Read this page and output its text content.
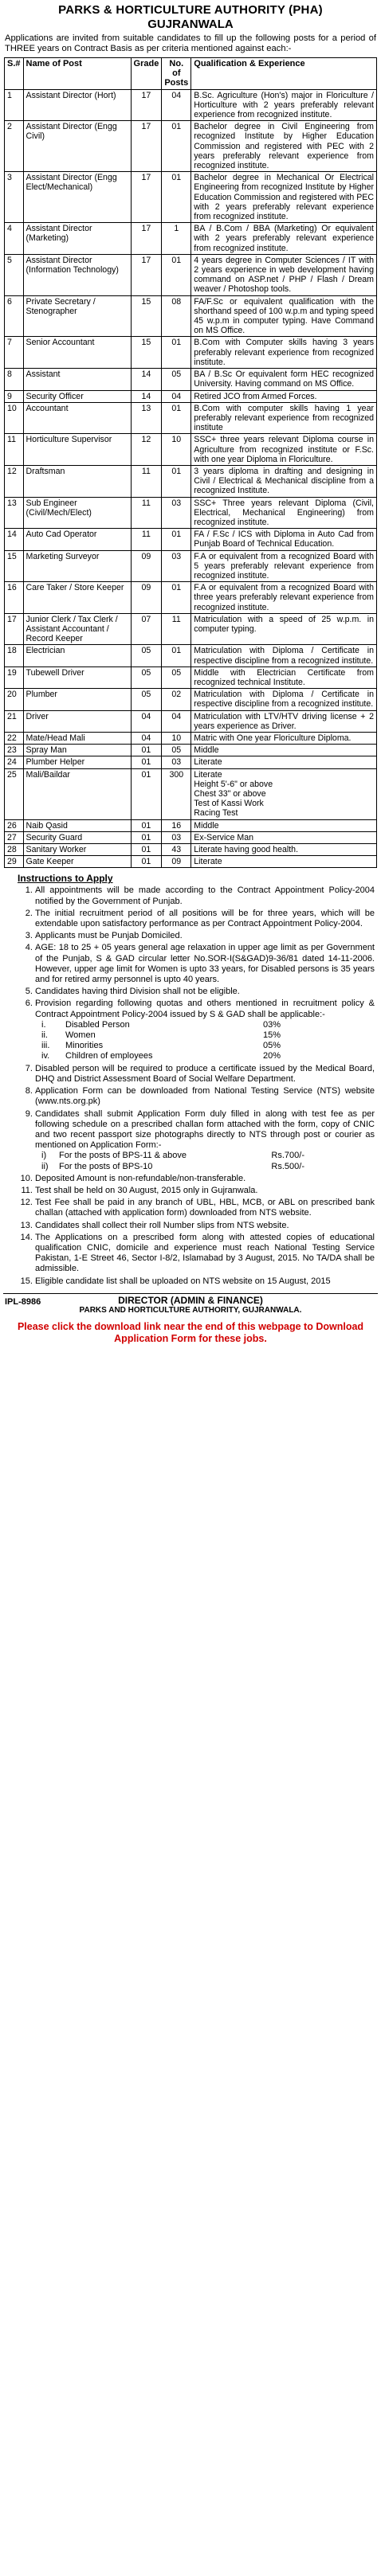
PARKS & HORTICULTURE AUTHORITY (PHA)
GUJRANWALA
Applications are invited from suitable candidates to fill up the following posts for a period of THREE years on Contract Basis as per criteria mentioned against each:-
S.#	Name of Post	Grade	No. of Posts	Qualification & Experience
1	Assistant Director (Hort)	17	04	B.Sc. Agriculture (Hon's) major in Floriculture / Horticulture with 2 years preferably relevant experience from recognized institute.
2	Assistant Director (Engg Civil)	17	01	Bachelor degree in Civil Engineering from recognized Institute by Higher Education Commission and registered with PEC with 2 years preferably relevant experience from recognized institute.
3	Assistant Director (Engg Elect/Mechanical)	17	01	Bachelor degree in Mechanical Or Electrical Engineering from recognized Institute by Higher Education Commission and registered with PEC with 2 years preferably relevant experience from recognized institute.
4	Assistant Director (Marketing)	17	1	BA / B.Com / BBA (Marketing) Or equivalent with 2 years preferably relevant experience from recognized institute.
5	Assistant Director (Information Technology)	17	01	4 years degree in Computer Sciences / IT with 2 years experience in web development having command on ASP.net / PHP / Flash / Dream weaver / Photoshop tools.
6	Private Secretary / Stenographer	15	08	FA/F.Sc or equivalent qualification with the shorthand speed of 100 w.p.m and typing speed 45 w.p.m in computer typing. Have Command on MS Office.
7	Senior Accountant	15	01	B.Com with Computer skills having 3 years preferably relevant experience from recognized institute.
8	Assistant	14	05	BA / B.Sc Or equivalent form HEC recognized University. Having command on MS Office.
9	Security Officer	14	04	Retired JCO from Armed Forces.
10	Accountant	13	01	B.Com with computer skills having 1 year preferably relevant experience from recognized institute
11	Horticulture Supervisor	12	10	SSC+ three years relevant Diploma course in Agriculture from recognized institute or F.Sc. with one year Diploma in Floriculture.
12	Draftsman	11	01	3 years diploma in drafting and designing in Civil / Electrical & Mechanical discipline from a recognized Institute.
13	Sub Engineer (Civil/Mech/Elect)	11	03	SSC+ Three years relevant Diploma (Civil, Electrical, Mechanical Engineering) from recognized institute.
14	Auto Cad Operator	11	01	FA / F.Sc / ICS with Diploma in Auto Cad from Punjab Board of Technical Education.
15	Marketing Surveyor	09	03	F.A or equivalent from a recognized Board with 5 years preferably relevant experience from recognized institute.
16	Care Taker / Store Keeper	09	01	F.A or equivalent from a recognized Board with three years preferably relevant experience from recognized institute.
17	Junior Clerk / Tax Clerk / Assistant Accountant / Record Keeper	07	11	Matriculation with a speed of 25 w.p.m. in computer typing.
18	Electrician	05	01	Matriculation with Diploma / Certificate in respective discipline from a recognized institute.
19	Tubewell Driver	05	05	Middle with Electrician Certificate from recognized technical Institute.
20	Plumber	05	02	Matriculation with Diploma / Certificate in respective discipline from a recognized institute.
21	Driver	04	04	Matriculation with LTV/HTV driving license + 2 years experience as Driver.
22	Mate/Head Mali	04	10	Matric with One year Floriculture Diploma.
23	Spray Man	01	05	Middle
24	Plumber Helper	01	03	Literate
25	Mali/Baildar	01	300	Literate
Height 5'-6" or above
Chest 33" or above
Test of Kassi Work
Racing Test
26	Naib Qasid	01	16	Middle
27	Security Guard	01	03	Ex-Service Man
28	Sanitary Worker	01	43	Literate having good health.
29	Gate Keeper	01	09	Literate
Instructions to Apply
1. All appointments will be made according to the Contract Appointment Policy-2004 notified by the Government of Punjab.
2. The initial recruitment period of all positions will be for three years, which will be extendable upon satisfactory performance as per Contract Appointment Policy-2004.
3. Applicants must be Punjab Domiciled.
4. AGE: 18 to 25 + 05 years general age relaxation in upper age limit as per Government of the Punjab, S & GAD circular letter No.SOR-I(S&GAD)9-36/81 dated 14-11-2006. However, upper age limit for Women is upto 33 years, for Disabled persons is 35 years and for retired army personnel is upto 40 years.
5. Candidates having third Division shall not be eligible.
6. Provision regarding following quotas and others mentioned in recruitment policy & Contract Appointment Policy-2004 issued by S & GAD shall be applicable:-
i. Disabled Person	03%
ii. Women	15%
iii. Minorities	05%
iv. Children of employees	20%
7. Disabled person will be required to produce a certificate issued by the Medical Board, DHQ and District Assessment Board of Social Welfare Department.
8. Application Form can be downloaded from National Testing Service (NTS) website (www.nts.org.pk)
9. Candidates shall submit Application Form duly filled in along with test fee as per following schedule on a prescribed challan form attached with the form, copy of CNIC and two recent passport size photographs directly to NTS through post or courier as mentioned on Application Form:-
i) For the posts of BPS-11 & above	Rs.700/-
ii) For the posts of BPS-10	Rs.500/-
10. Deposited Amount is non-refundable/non-transferable.
11. Test shall be held on 30 August, 2015 only in Gujranwala.
12. Test Fee shall be paid in any branch of UBL, HBL, MCB, or ABL on prescribed bank challan (attached with application form) downloaded from NTS website.
13. Candidates shall collect their roll Number slips from NTS website.
14. The Applications on a prescribed form along with attested copies of educational qualification CNIC, domicile and experience must reach National Testing Service Pakistan, 1-E Street 46, Sector I-8/2, Islamabad by 3 August, 2015. No TA/DA shall be admissible.
15. Eligible candidate list shall be uploaded on NTS website on 15 August, 2015
IPL-8986	DIRECTOR (ADMIN & FINANCE)
PARKS AND HORTICULTURE AUTHORITY, GUJRANWALA.
Please click the download link near the end of this webpage to Download Application Form for these jobs.
